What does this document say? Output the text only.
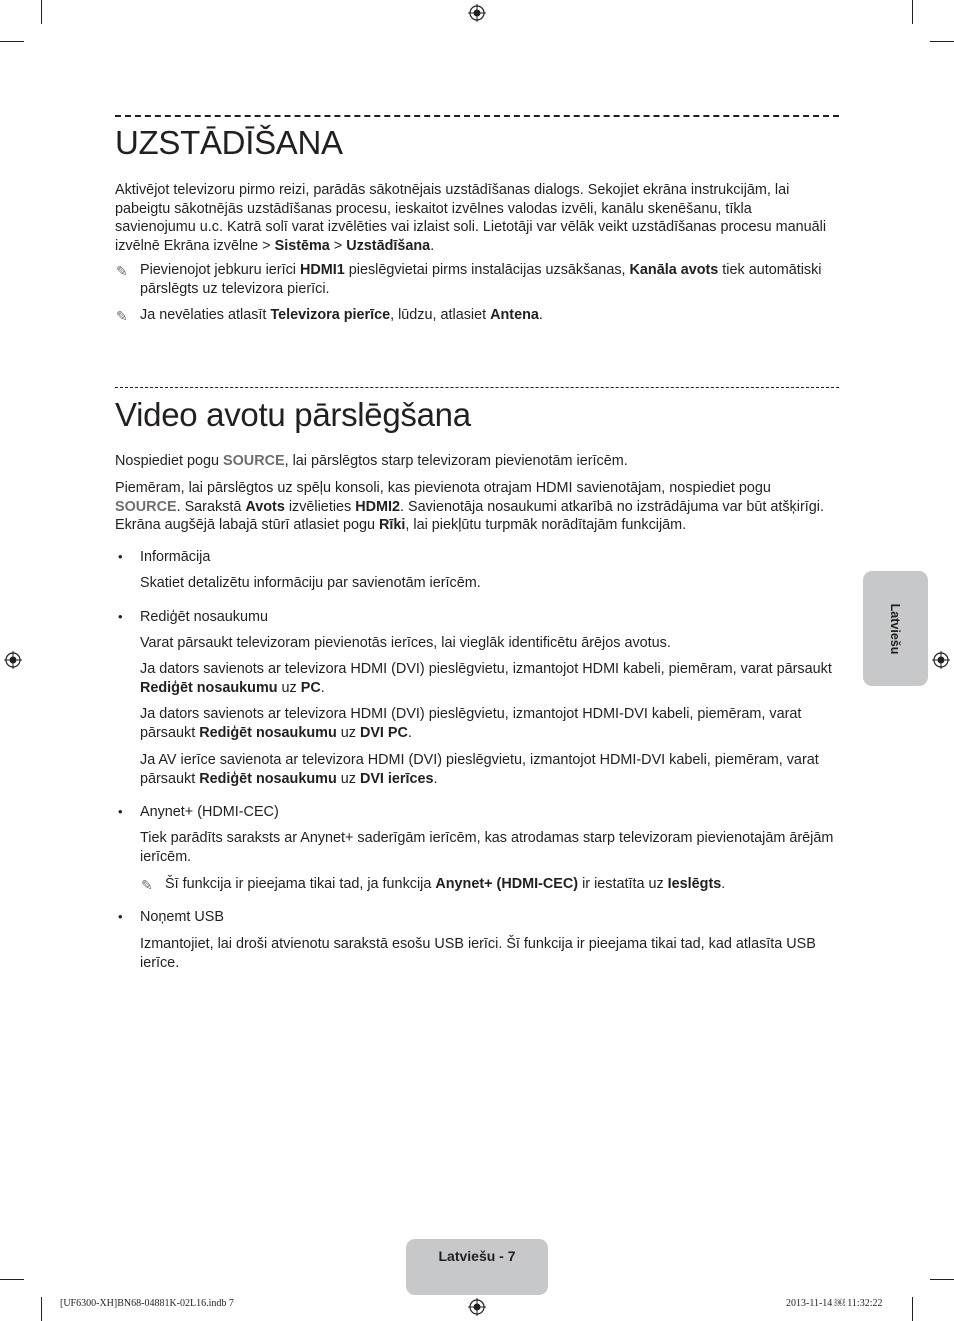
UZSTĀDĪŠANA

Aktivējot televizoru pirmo reizi, parādās sākotnējais uzstādīšanas dialogs. Sekojiet ekrāna instrukcijām, lai pabeigtu sākotnējās uzstādīšanas procesu, ieskaitot izvēlnes valodas izvēli, kanālu skenēšanu, tīkla savienojumu u.c. Katrā solī varat izvēlēties vai izlaist soli. Lietotāji var vēlāk veikt uzstādīšanas procesu manuāli izvēlnē Ekrāna izvēlne > Sistēma > Uzstādīšana.

✎ Pievienojot jebkuru ierīci HDMI1 pieslēgvietai pirms instalācijas uzsākšanas, Kanāla avots tiek automātiski pārslēgts uz televizora pierīci.

✎ Ja nevēlaties atlasīt Televizora pierīce, lūdzu, atlasiet Antena.

Video avotu pārslēgšana

Nospiediet pogu SOURCE, lai pārslēgtos starp televizoram pievienotām ierīcēm.

Piemēram, lai pārslēgtos uz spēļu konsoli, kas pievienota otrajam HDMI savienotājam, nospiediet pogu SOURCE. Sarakstā Avots izvēlieties HDMI2. Savienotāja nosaukumi atkarībā no izstrādājuma var būt atšķirīgi. Ekrāna augšējā labajā stūrī atlasiet pogu Rīki, lai piekļūtu turpmāk norādītajām funkcijām.

• Informācija

Skatiet detalizētu informāciju par savienotām ierīcēm.

• Rediģēt nosaukumu

Varat pārsaukt televizoram pievienotās ierīces, lai vieglāk identificētu ārējos avotus.

Ja dators savienots ar televizora HDMI (DVI) pieslēgvietu, izmantojot HDMI kabeli, piemēram, varat pārsaukt Rediģēt nosaukumu uz PC.

Ja dators savienots ar televizora HDMI (DVI) pieslēgvietu, izmantojot HDMI-DVI kabeli, piemēram, varat pārsaukt Rediģēt nosaukumu uz DVI PC.

Ja AV ierīce savienota ar televizora HDMI (DVI) pieslēgvietu, izmantojot HDMI-DVI kabeli, piemēram, varat pārsaukt Rediģēt nosaukumu uz DVI ierīces.

• Anynet+ (HDMI-CEC)

Tiek parādīts saraksts ar Anynet+ saderīgām ierīcēm, kas atrodamas starp televizoram pievienotajām ārējām ierīcēm.

✎ Šī funkcija ir pieejama tikai tad, ja funkcija Anynet+ (HDMI-CEC) ir iestatīta uz Ieslēgts.

• Noņemt USB

Izmantojiet, lai droši atvienotu sarakstā esošu USB ierīci. Šī funkcija ir pieejama tikai tad, kad atlasīta USB ierīce.

Latviešu
Latviešu - 7
[UF6300-XH]BN68-04881K-02L16.indb 7	2013-11-14 ￼ 11:32:22
